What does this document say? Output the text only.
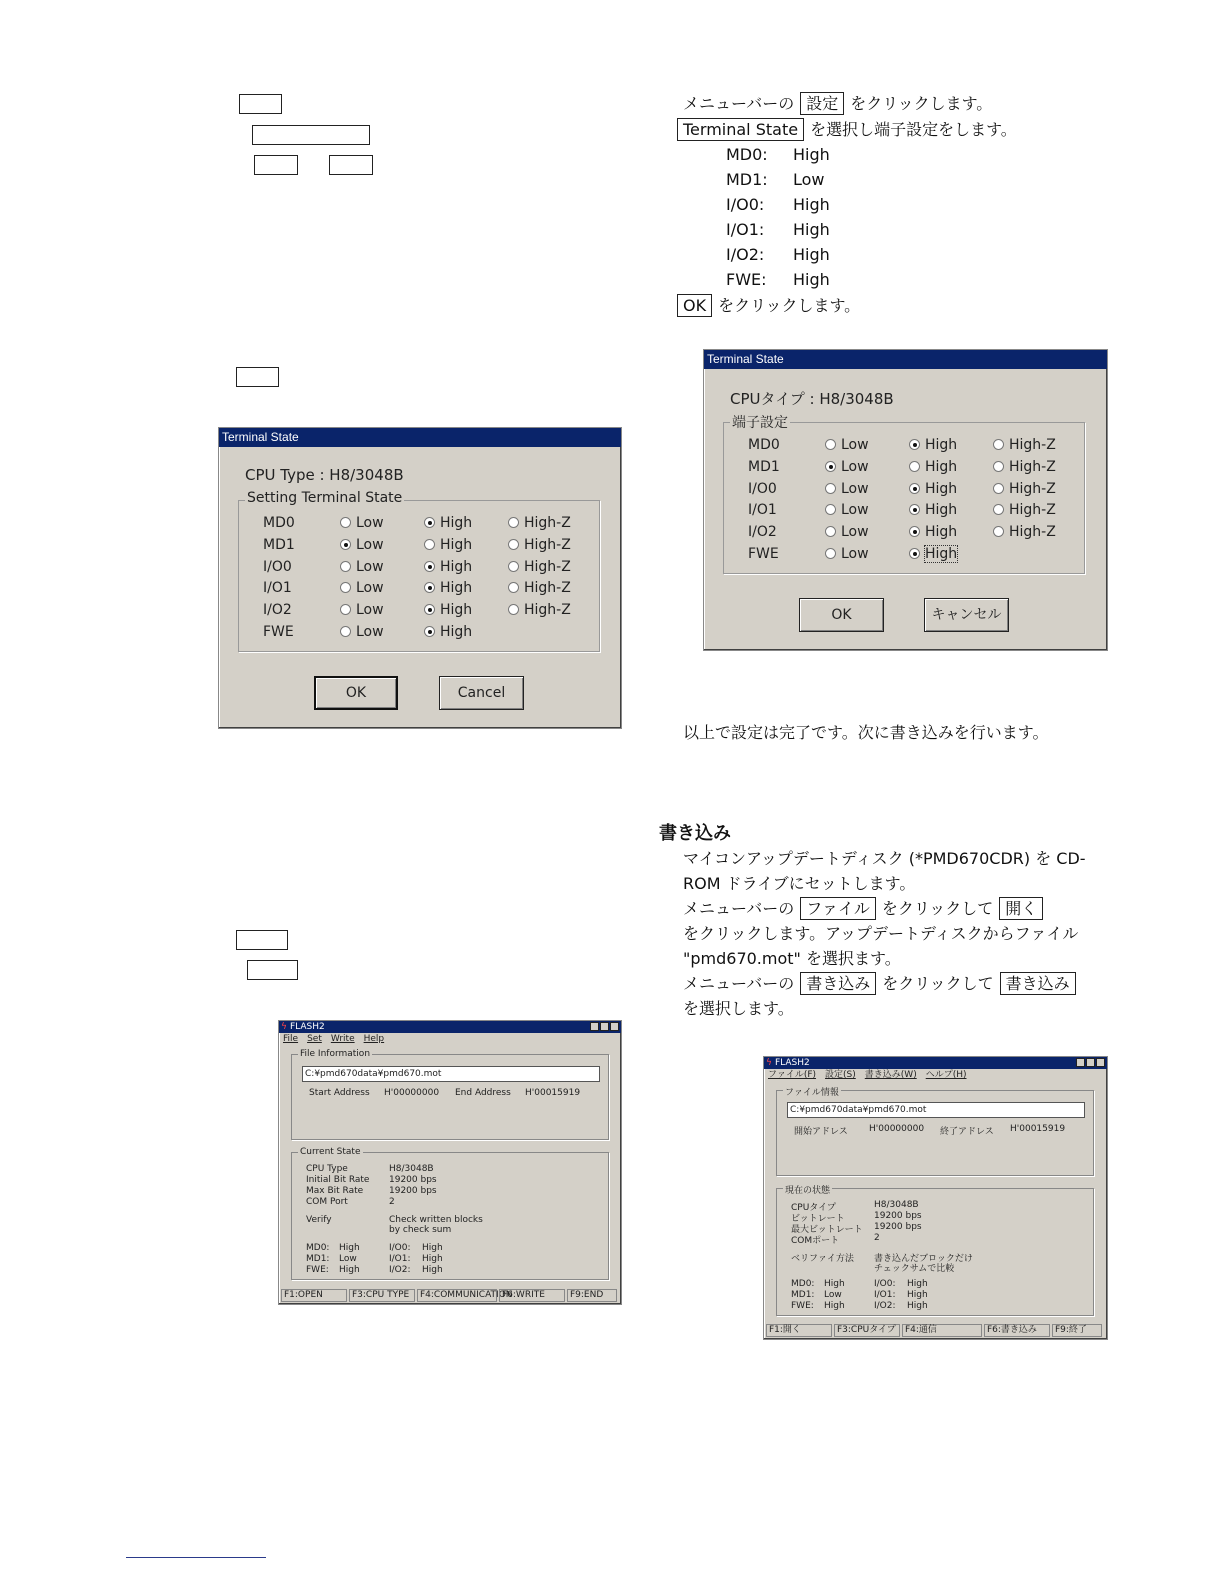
メニューバーの 設定 をクリックします。
Terminal State を選択し端子設定をします。
MD0: High
MD1: Low
I/O0: High
I/O1: High
I/O2: High
FWE: High
OK をクリックします。
Terminal State
CPU Type : H8/3048B
Setting Terminal State
MD0	Low	High	High-Z
MD1	Low	High	High-Z
I/O0	Low	High	High-Z
I/O1	Low	High	High-Z
I/O2	Low	High	High-Z
FWE	Low	High
OK	Cancel
Terminal State
CPUタイプ : H8/3048B
端子設定
MD0	Low	High	High-Z
MD1	Low	High	High-Z
I/O0	Low	High	High-Z
I/O1	Low	High	High-Z
I/O2	Low	High	High-Z
FWE	Low	High
OK	キャンセル
以上で設定は完了です。次に書き込みを行います。
書き込み
マイコンアップデートディスク (*PMD670CDR) を CD-
ROM ドライブにセットします。
メニューバーの ファイル をクリックして 開く
をクリックします。アップデートディスクからファイル
"pmd670.mot" を選択ます。
メニューバーの 書き込み をクリックして 書き込み
を選択します。
ϟ FLASH2
File Set Write Help
File Information
C:¥pmd670data¥pmd670.mot
Start Address H'00000000 End Address H'00015919
Current State
CPU Type	H8/3048B
Initial Bit Rate 19200 bps
Max Bit Rate	19200 bps
COM Port	2
Verify	Check written blocks
by check sum
MD0: High	I/O0: High
MD1: Low	I/O1: High
FWE: High	I/O2: High
F1:OPEN	F3:CPU TYPE	F4:COMMUNICATION
F6:WRITE	F9:END
ϟ FLASH2
ファイル(F) 設定(S) 書き込み(W) ヘルプ(H)
ファイル情報
C:¥pmd670data¥pmd670.mot
開始アドレス H'00000000 終了アドレス H'00015919
現在の状態
CPUタイプ	H8/3048B
ビットレート	19200 bps
最大ビットレート 19200 bps
COMポート	2
ベリファイ方法 書き込んだブロックだけ
チェックサムで比較
MD0: High	I/O0: High
MD1: Low	I/O1: High
FWE: High	I/O2: High
F1:開く	F3:CPUタイプ	F4:通信	F6:書き込み	F9:終了
